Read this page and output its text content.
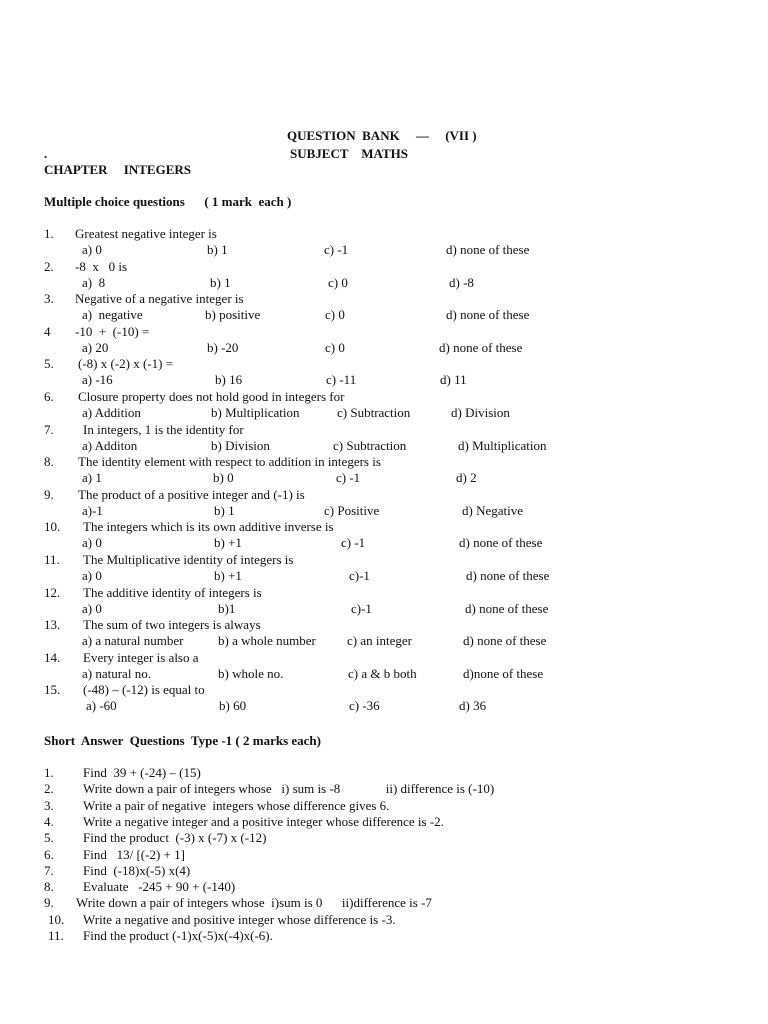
QUESTION  BANK     —     (VII )
.	SUBJECT    MATHS
CHAPTER     INTEGERS
Multiple choice questions      ( 1 mark  each )
1. Greatest negative integer is
a) 0	b) 1	c) -1	d) none of these
2. -8  x   0 is
a)  8	b) 1	c) 0	d) -8
3. Negative of a negative integer is
a)  negative	b) positive	c) 0	d) none of these
4 -10  +  (-10) =
a) 20	b) -20	c) 0	d) none of these
5. (-8) x (-2) x (-1) =
a) -16	b) 16	c) -11	d) 11
6. Closure property does not hold good in integers for
a) Addition	b) Multiplication	c) Subtraction	d) Division
7. In integers, 1 is the identity for
a) Additon	b) Division	c) Subtraction	d) Multiplication
8. The identity element with respect to addition in integers is
a) 1	b) 0	c) -1	d) 2
9. The product of a positive integer and (-1) is
a)-1	b) 1	c) Positive	d) Negative
10. The integers which is its own additive inverse is
a) 0	b) +1	c) -1	d) none of these
11. The Multiplicative identity of integers is
a) 0	b) +1	c)-1	d) none of these
12. The additive identity of integers is
a) 0	b)1	c)-1	d) none of these
13. The sum of two integers is always
a) a natural number	b) a whole number c) an integer	d) none of these
14. Every integer is also a
a) natural no.	b) whole no.	c) a & b both	d)none of these
15. (-48) – (-12) is equal to
a) -60	b) 60	c) -36	d) 36
Short  Answer  Questions  Type -1 ( 2 marks each)
1. Find  39 + (-24) – (15)
2. Write down a pair of integers whose   i) sum is -8              ii) difference is (-10)
3. Write a pair of negative  integers whose difference gives 6.
4. Write a negative integer and a positive integer whose difference is -2.
5. Find the product  (-3) x (-7) x (-12)
6. Find   13/ [(-2) + 1]
7. Find  (-18)x(-5) x(4)
8. Evaluate   -245 + 90 + (-140)
9. Write down a pair of integers whose  i)sum is 0      ii)difference is -7
10. Write a negative and positive integer whose difference is -3.
11. Find the product (-1)x(-5)x(-4)x(-6).
